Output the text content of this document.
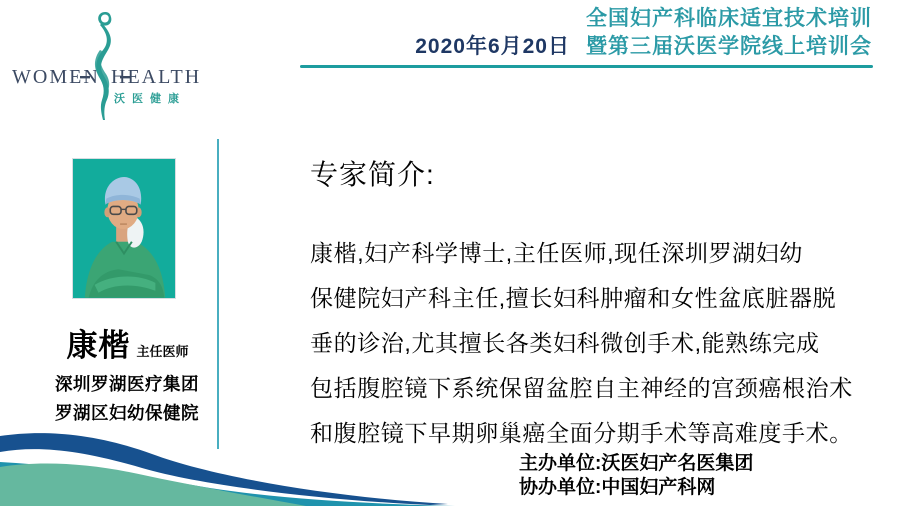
WOMEN HEALTH
沃医健康
全国妇产科临床适宜技术培训
2020年6月20日 暨第三届沃医学院线上培训会
康楷 主任医师
深圳罗湖医疗集团
罗湖区妇幼保健院
专家简介:
康楷,妇产科学博士,主任医师,现任深圳罗湖妇幼
保健院妇产科主任,擅长妇科肿瘤和女性盆底脏器脱
垂的诊治,尤其擅长各类妇科微创手术,能熟练完成
包括腹腔镜下系统保留盆腔自主神经的宫颈癌根治术
和腹腔镜下早期卵巢癌全面分期手术等高难度手术。
主办单位:沃医妇产名医集团
协办单位:中国妇产科网
